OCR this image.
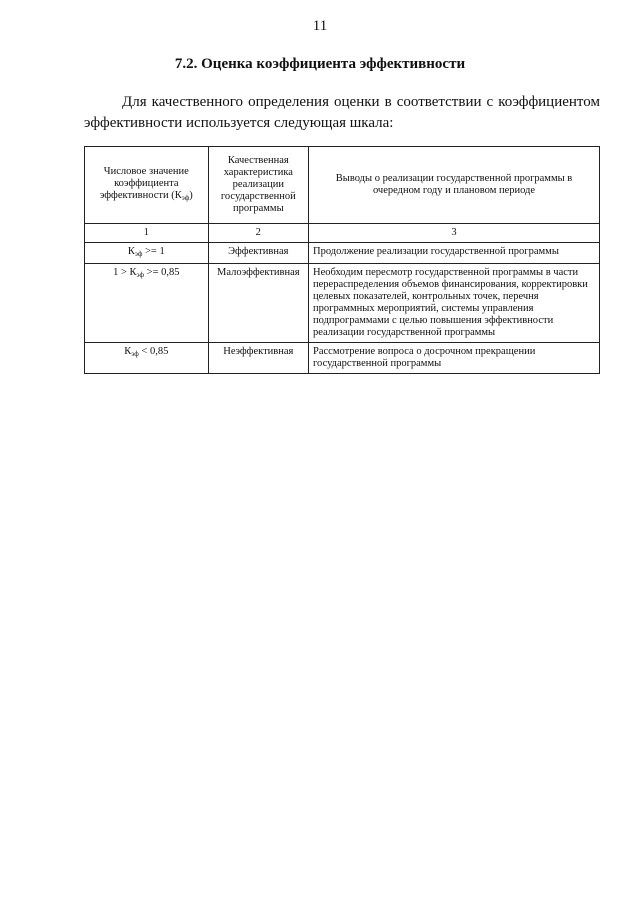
11
7.2. Оценка коэффициента эффективности

Для качественного определения оценки в соответствии с коэффициентом эффективности используется следующая шкала:

Числовое значение коэффициента эффективности $(К_{эф})$	Качественная характеристика реализации государственной программы	Выводы о реализации государственной программы в очередном году и плановом периоде
1	2	3
$К_{эф} >= 1$	Эффективная	Продолжение реализации государственной программы
$1 > К_{эф} >= 0,85$	Малоэффективная	Необходим пересмотр государственной программы в части перераспределения объемов финансирования, корректировки целевых показателей, контрольных точек, перечня программных мероприятий, системы управления подпрограммами с целью повышения эффективности реализации государственной программы
$К_{эф} < 0,85$	Неэффективная	Рассмотрение вопроса о досрочном прекращении государственной программы
